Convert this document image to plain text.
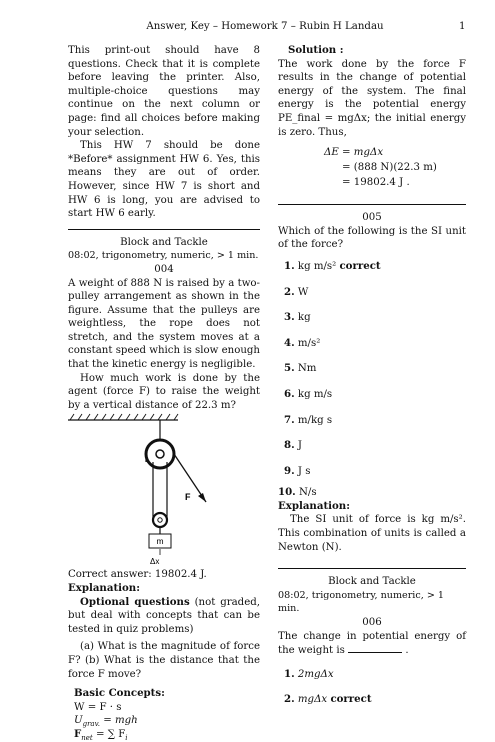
Answer, Key – Homework 7 – Rubin H Landau	1

This print-out should have 8 questions. Check that it is complete before leaving the printer. Also, multiple-choice questions may continue on the next column or page: find all choices before making your selection.

This HW 7 should be done *Before* assignment HW 6. Yes, this means they are out of order. However, since HW 7 is short and HW 6 is long, you are advised to start HW 6 early.

Block and Tackle
08:02, trigonometry, numeric, > 1 min.
004

A weight of 888 N is raised by a two-pulley arrangement as shown in the figure. Assume that the pulleys are weightless, the rope does not stretch, and the system moves at a constant speed which is slow enough that the kinetic energy is negligible.

How much work is done by the agent (force F) to raise the weight by a vertical distance of 22.3 m?

F
m
Δx

Correct answer: 19802.4 J.

Explanation:

Optional questions (not graded, but deal with concepts that can be tested in quiz problems)

(a) What is the magnitude of force F? (b) What is the distance that the force F move?

Basic Concepts:
W = F · s
$U_{grav.}$ = mgh
$F_{net}$ = ∑ $F_i$
Solution :

The work done by the force F results in the change of potential energy of the system. The final energy is the potential energy PE_final = mgΔx; the initial energy is zero. Thus,

ΔE = mgΔx
= (888 N)(22.3 m)
= 19802.4 J .
005

Which of the following is the SI unit of the force?

1. kg m/s² correct
2. W
3. kg
4. m/s²
5. Nm
6. kg m/s
7. m/kg s
8. J
9. J s
10. N/s
Explanation:

The SI unit of force is kg m/s². This combination of units is called a Newton (N).

Block and Tackle
08:02, trigonometry, numeric, > 1 min.
006

The change in potential energy of the weight is	.

1. 2mgΔx
2. mgΔx correct
